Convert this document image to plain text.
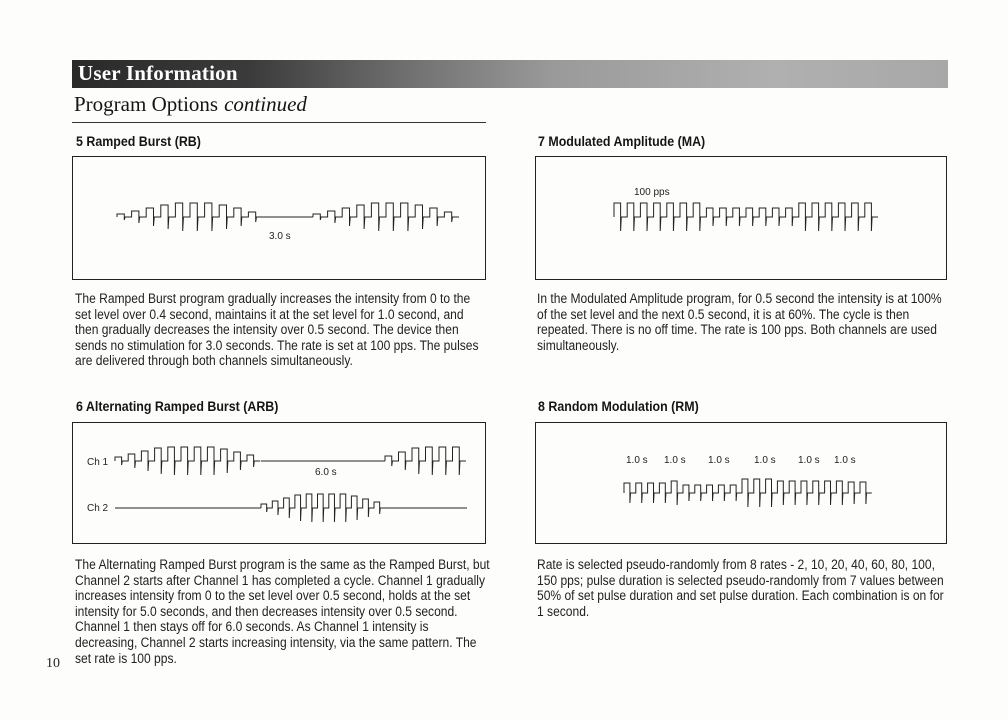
User Information
Program Options continued
5 Ramped Burst (RB)
3.0 s
The Ramped Burst program gradually increases the intensity from 0 to the set level over 0.4 second, maintains it at the set level for 1.0 second, and then gradually decreases the intensity over 0.5 second. The device then sends no stimulation for 3.0 seconds. The rate is set at 100 pps. The pulses are delivered through both channels simultaneously.
6 Alternating Ramped Burst (ARB)
Ch 1
6.0 s
Ch 2
The Alternating Ramped Burst program is the same as the Ramped Burst, but Channel 2 starts after Channel 1 has completed a cycle. Channel 1 gradually increases intensity from 0 to the set level over 0.5 second, holds at the set intensity for 5.0 seconds, and then decreases intensity over 0.5 second. Channel 1 then stays off for 6.0 seconds. As Channel 1 intensity is decreasing, Channel 2 starts increasing intensity, via the same pattern. The set rate is 100 pps.
7 Modulated Amplitude (MA)
100 pps
In the Modulated Amplitude program, for 0.5 second the intensity is at 100% of the set level and the next 0.5 second, it is at 60%. The cycle is then repeated. There is no off time. The rate is 100 pps. Both channels are used simultaneously.
8 Random Modulation (RM)
1.0 s 1.0 s 1.0 s 1.0 s 1.0 s 1.0 s
Rate is selected pseudo-randomly from 8 rates - 2, 10, 20, 40, 60, 80, 100, 150 pps; pulse duration is selected pseudo-randomly from 7 values between 50% of set pulse duration and set pulse duration. Each combination is on for 1 second.
10
